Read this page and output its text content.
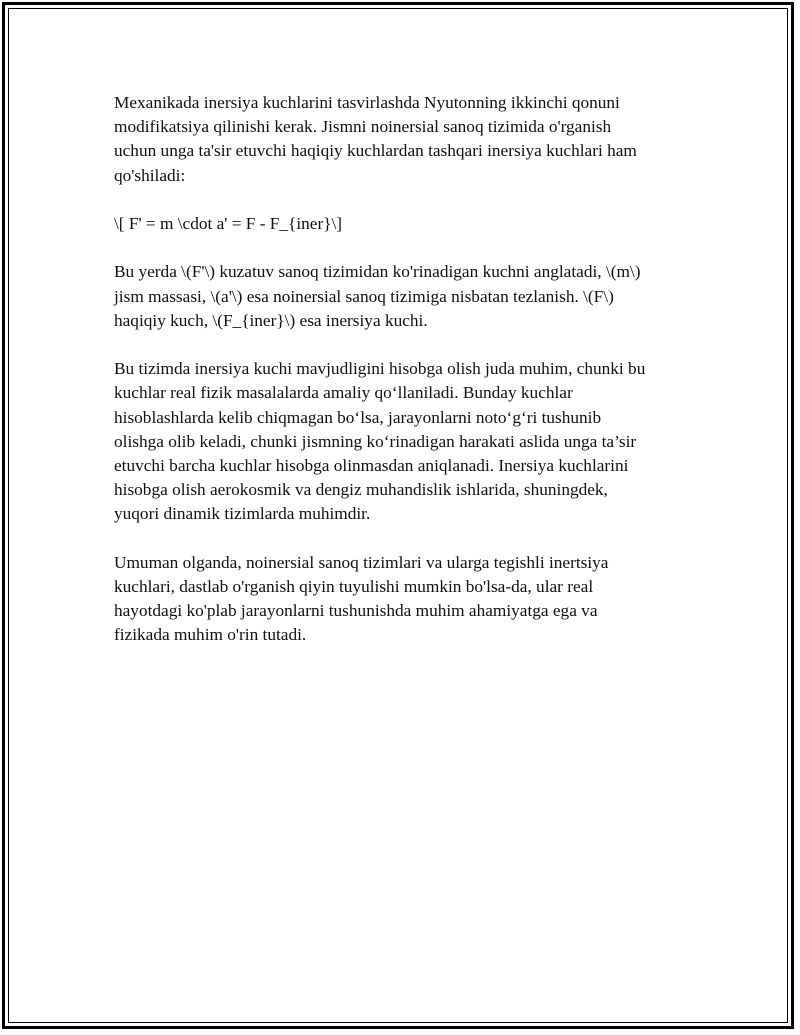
Mexanikada inersiya kuchlarini tasvirlashda Nyutonning ikkinchi qonuni
modifikatsiya qilinishi kerak. Jismni noinersial sanoq tizimida o'rganish
uchun unga ta'sir etuvchi haqiqiy kuchlardan tashqari inersiya kuchlari ham
qo'shiladi:

\[ F' = m \cdot a' = F - F_{iner}\]

Bu yerda \(F'\) kuzatuv sanoq tizimidan ko'rinadigan kuchni anglatadi, \(m\)
jism massasi, \(a'\) esa noinersial sanoq tizimiga nisbatan tezlanish. \(F\)
haqiqiy kuch, \(F_{iner}\) esa inersiya kuchi.

Bu tizimda inersiya kuchi mavjudligini hisobga olish juda muhim, chunki bu
kuchlar real fizik masalalarda amaliy qo‘llaniladi. Bunday kuchlar
hisoblashlarda kelib chiqmagan bo‘lsa, jarayonlarni noto‘g‘ri tushunib
olishga olib keladi, chunki jismning ko‘rinadigan harakati aslida unga ta’sir
etuvchi barcha kuchlar hisobga olinmasdan aniqlanadi. Inersiya kuchlarini
hisobga olish aerokosmik va dengiz muhandislik ishlarida, shuningdek,
yuqori dinamik tizimlarda muhimdir.

Umuman olganda, noinersial sanoq tizimlari va ularga tegishli inertsiya
kuchlari, dastlab o'rganish qiyin tuyulishi mumkin bo'lsa-da, ular real
hayotdagi ko'plab jarayonlarni tushunishda muhim ahamiyatga ega va
fizikada muhim o'rin tutadi.
